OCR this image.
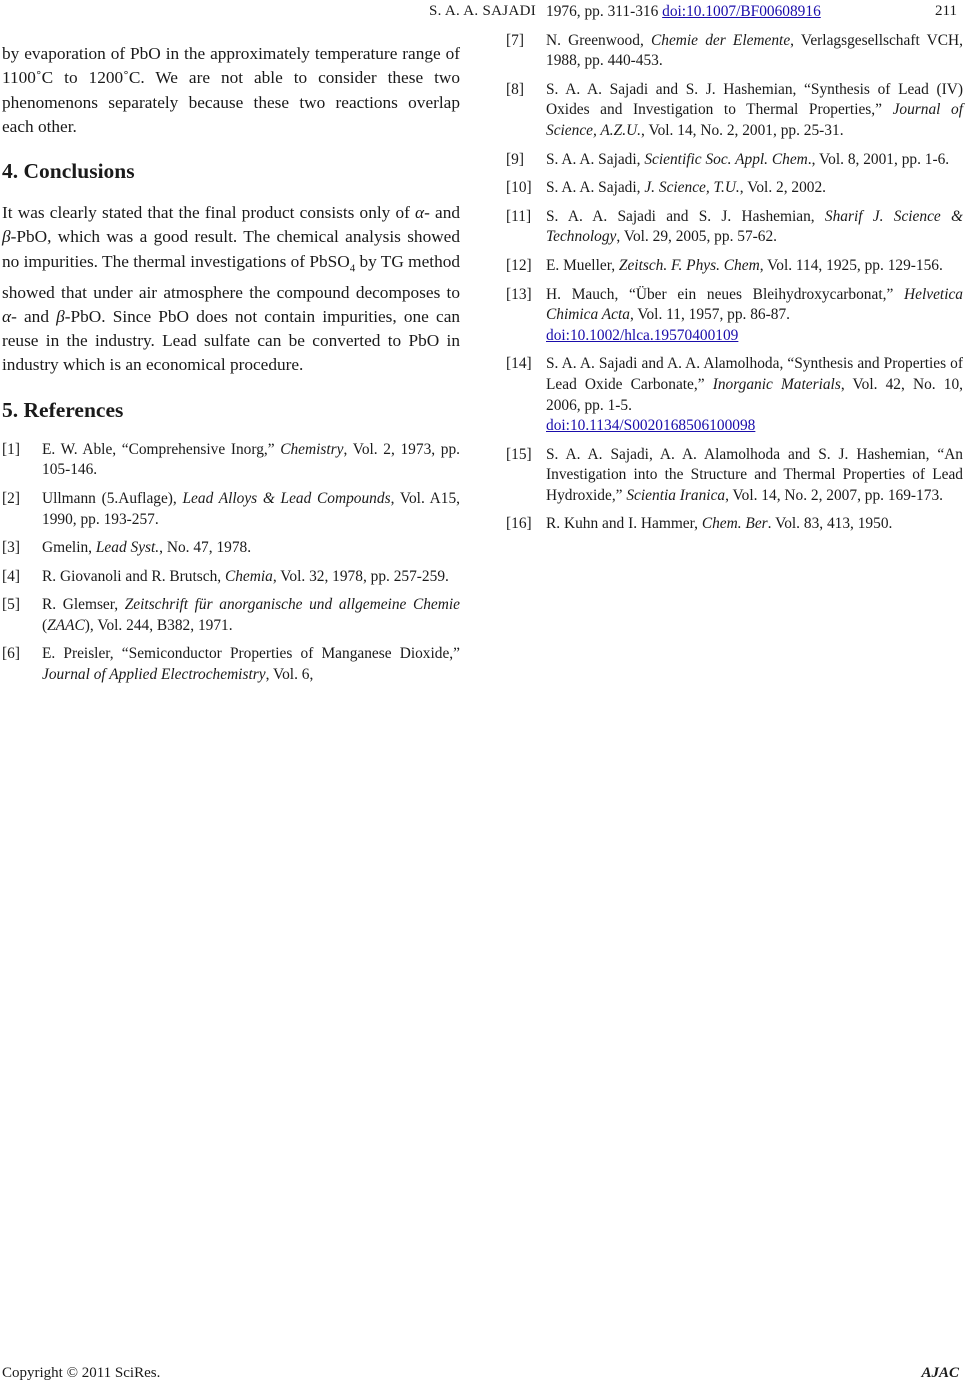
S. A. A. SAJADI	211

by evaporation of PbO in the approximately temperature range of 1100˚C to 1200˚C. We are not able to consider these two phenomenons separately because these two reactions overlap each other.

4. Conclusions

It was clearly stated that the final product consists only of α- and β-PbO, which was a good result. The chemical analysis showed no impurities. The thermal investigations of PbSO$_4$ by TG method showed that under air atmosphere the compound decomposes to α- and β-PbO. Since PbO does not contain impurities, one can reuse in the industry. Lead sulfate can be converted to PbO in industry which is an economical procedure.

5. References
[1] E. W. Able, “Comprehensive Inorg,” Chemistry, Vol. 2, 1973, pp. 105-146.
[2] Ullmann (5.Auflage), Lead Alloys & Lead Compounds, Vol. A15, 1990, pp. 193-257.
[3] Gmelin, Lead Syst., No. 47, 1978.
[4] R. Giovanoli and R. Brutsch, Chemia, Vol. 32, 1978, pp. 257-259.
[5] R. Glemser, Zeitschrift für anorganische und allgemeine Chemie (ZAAC), Vol. 244, B382, 1971.
[6] E. Preisler, “Semiconductor Properties of Manganese Dioxide,” Journal of Applied Electrochemistry, Vol. 6,
1976, pp. 311-316 doi:10.1007/BF00608916
[7] N. Greenwood, Chemie der Elemente, Verlagsgesellschaft VCH, 1988, pp. 440-453.
[8] S. A. A. Sajadi and S. J. Hashemian, “Synthesis of Lead (IV) Oxides and Investigation to Thermal Properties,” Journal of Science, A.Z.U., Vol. 14, No. 2, 2001, pp. 25-31.
[9] S. A. A. Sajadi, Scientific Soc. Appl. Chem., Vol. 8, 2001, pp. 1-6.
[10] S. A. A. Sajadi, J. Science, T.U., Vol. 2, 2002.
[11] S. A. A. Sajadi and S. J. Hashemian, Sharif J. Science & Technology, Vol. 29, 2005, pp. 57-62.
[12] E. Mueller, Zeitsch. F. Phys. Chem, Vol. 114, 1925, pp. 129-156.
[13] H. Mauch, “Über ein neues Bleihydroxycarbonat,” Helvetica Chimica Acta, Vol. 11, 1957, pp. 86-87.
doi:10.1002/hlca.19570400109
[14] S. A. A. Sajadi and A. A. Alamolhoda, “Synthesis and Properties of Lead Oxide Carbonate,” Inorganic Materials, Vol. 42, No. 10, 2006, pp. 1-5.
doi:10.1134/S0020168506100098
[15] S. A. A. Sajadi, A. A. Alamolhoda and S. J. Hashemian, “An Investigation into the Structure and Thermal Properties of Lead Hydroxide,” Scientia Iranica, Vol. 14, No. 2, 2007, pp. 169-173.
[16] R. Kuhn and I. Hammer, Chem. Ber. Vol. 83, 413, 1950.
Copyright © 2011 SciRes.	AJAC
